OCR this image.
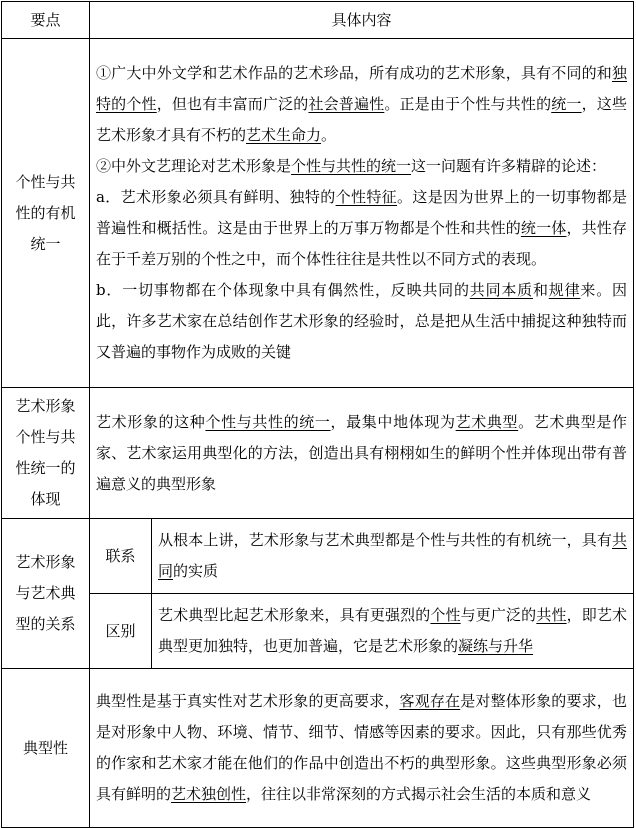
要点	具体内容	
个性与共性的有机统一	①广大中外文学和艺术作品的艺术珍品，所有成功的艺术形象，具有不同的和独特的个性，但也有丰富而广泛的社会普遍性。正是由于个性与共性的统一，这些艺术形象才具有不朽的艺术生命力。
②中外文艺理论对艺术形象是个性与共性的统一这一问题有许多精辟的论述：
a．艺术形象必须具有鲜明、独特的个性特征。这是因为世界上的一切事物都是普遍性和概括性。这是由于世界上的万事万物都是个性和共性的统一体，共性存在于千差万别的个性之中，而个体性往往是共性以不同方式的表现。
b．一切事物都在个体现象中具有偶然性，反映共同的共同本质和规律来。因此，许多艺术家在总结创作艺术形象的经验时，总是把从生活中捕捉这种独特而又普遍的事物作为成败的关键	

艺术形象个性与共性统一的体现	艺术形象的这种个性与共性的统一，最集中地体现为艺术典型。艺术典型是作家、艺术家运用典型化的方法，创造出具有栩栩如生的鲜明个性并体现出带有普遍意义的典型形象	

艺术形象与艺术典型的关系	联系	从根本上讲，艺术形象与艺术典型都是个性与共性的有机统一，具有共同的实质

	区别	艺术典型比起艺术形象来，具有更强烈的个性与更广泛的共性，即艺术典型更加独特，也更加普遍，它是艺术形象的凝练与升华

典型性	典型性是基于真实性对艺术形象的更高要求，客观存在是对整体形象的要求，也是对形象中人物、环境、情节、细节、情感等因素的要求。因此，只有那些优秀的作家和艺术家才能在他们的作品中创造出不朽的典型形象。这些典型形象必须具有鲜明的艺术独创性，往往以非常深刻的方式揭示社会生活的本质和意义	
